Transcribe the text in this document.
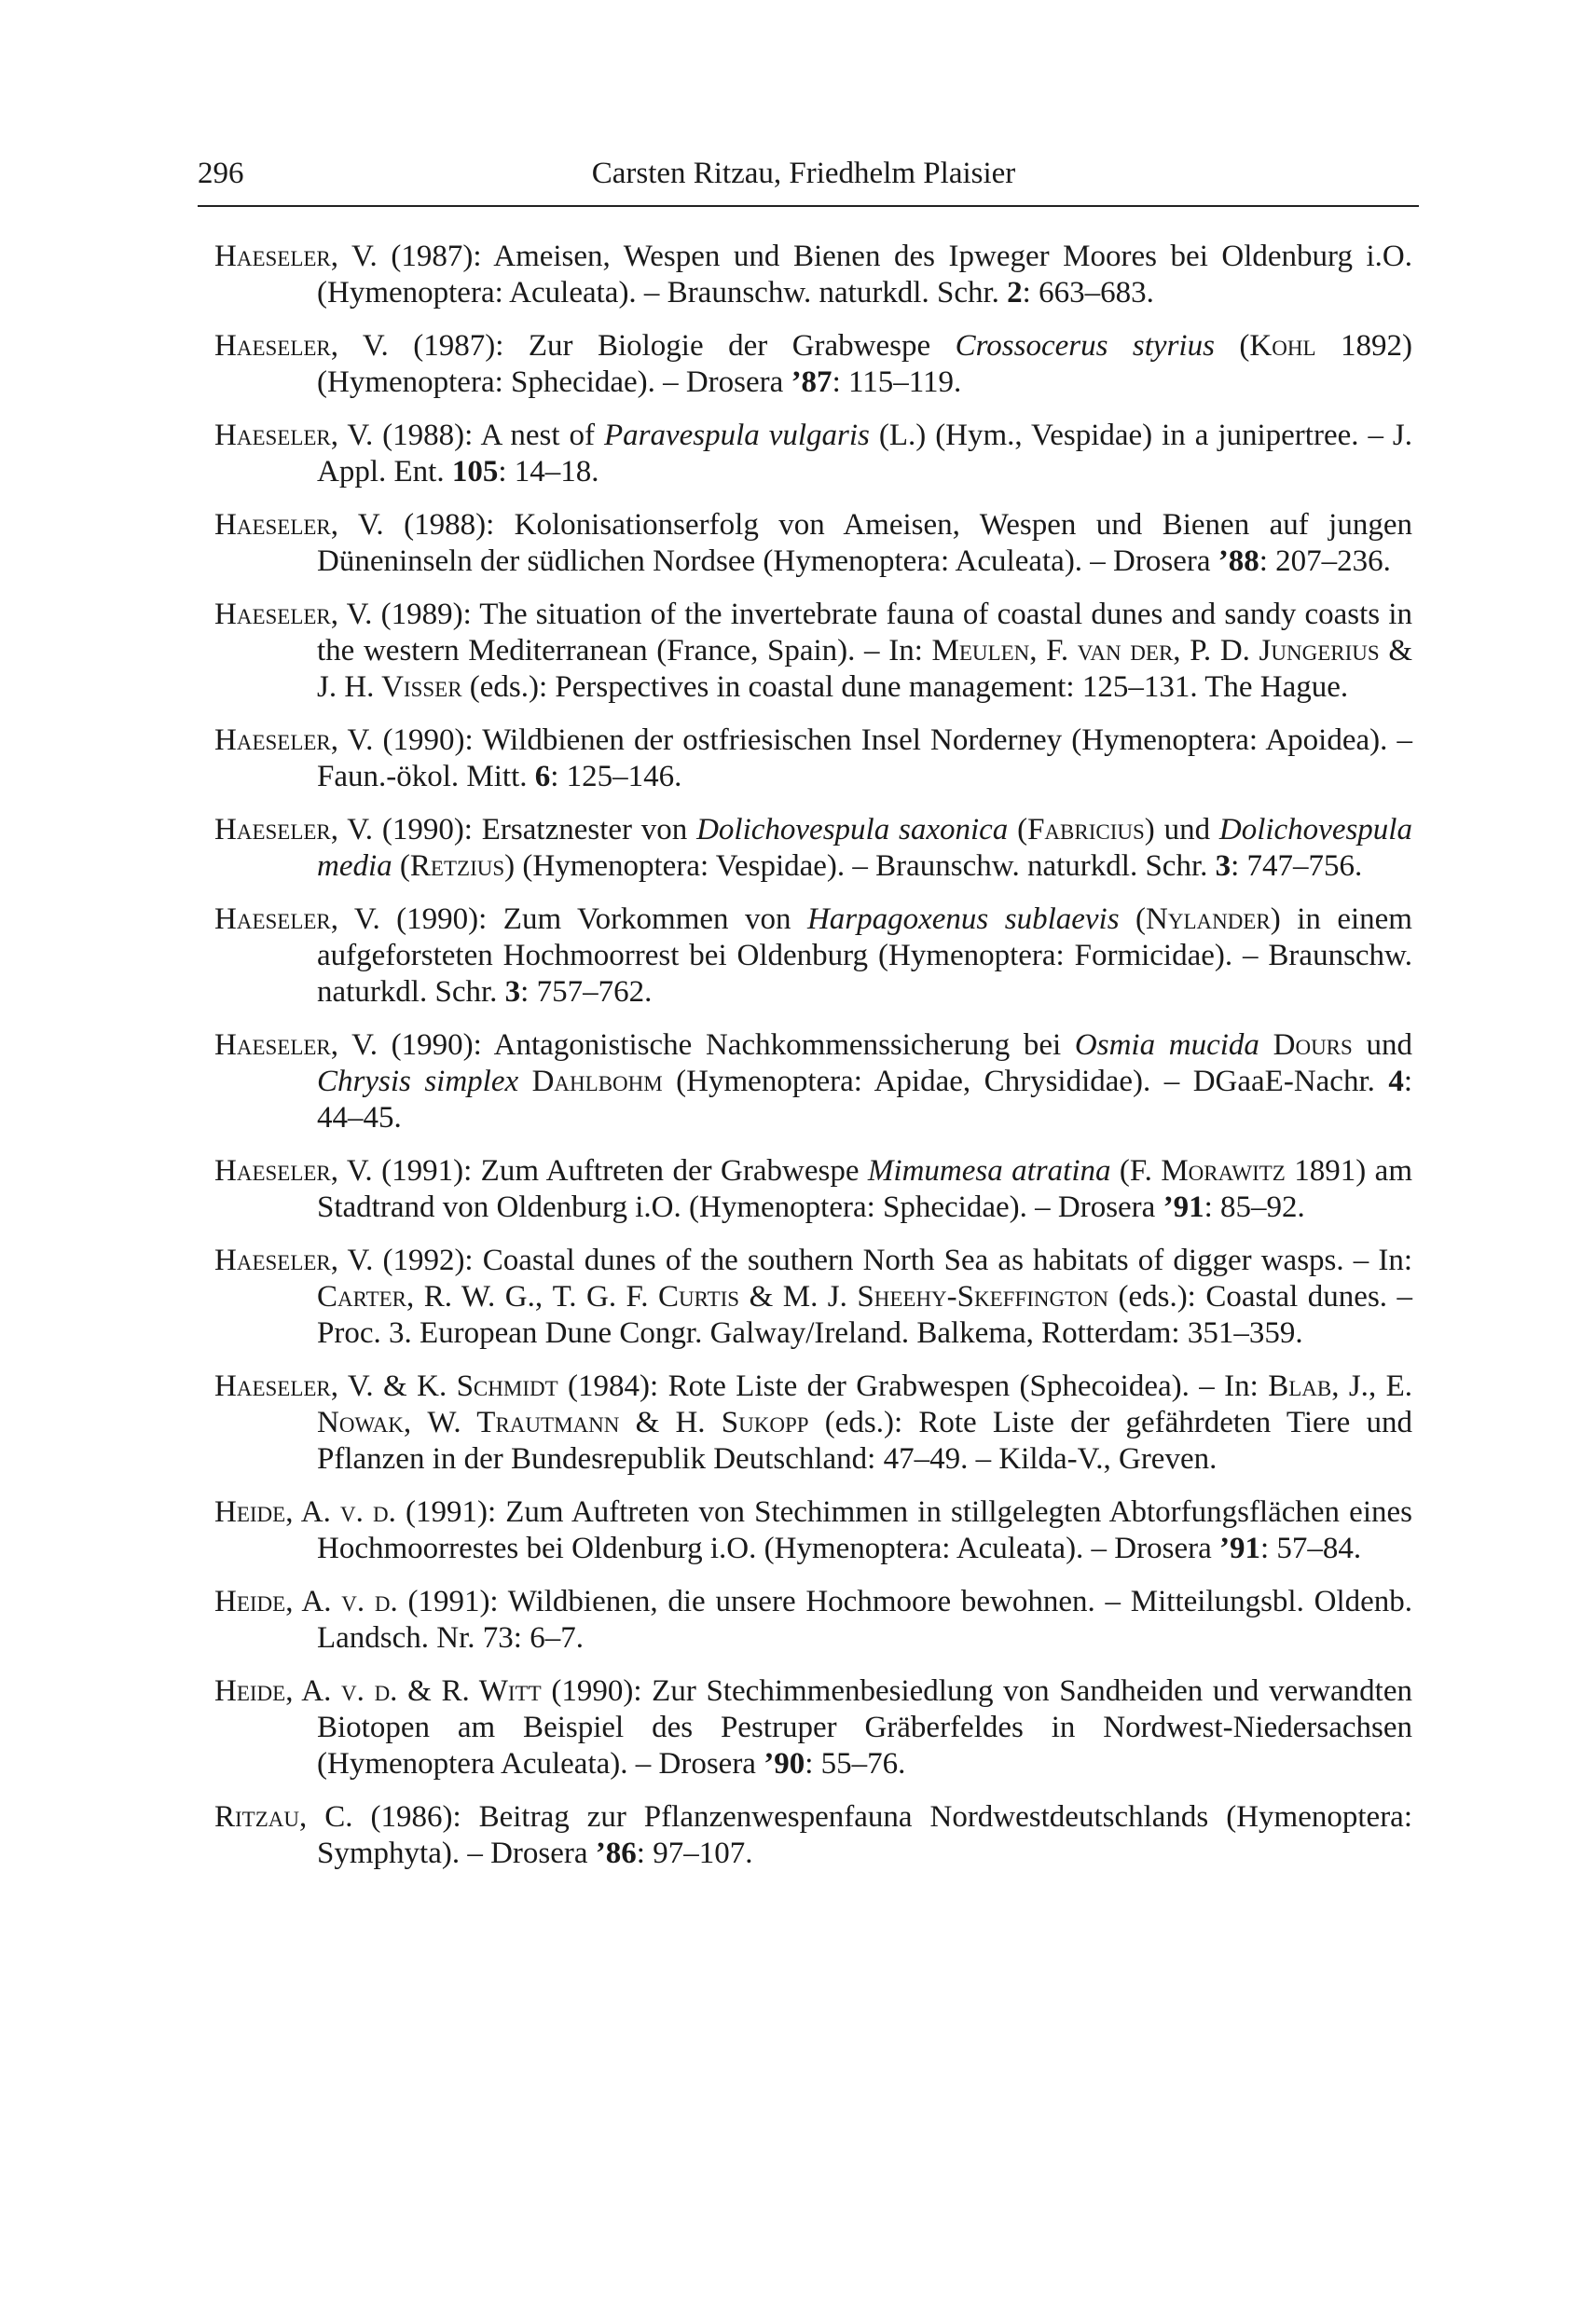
296	Carsten Ritzau, Friedhelm Plaisier
Haeseler, V. (1987): Ameisen, Wespen und Bienen des Ipweger Moores bei Oldenburg i.O. (Hymenoptera: Aculeata). – Braunschw. naturkdl. Schr. 2: 663–683.
Haeseler, V. (1987): Zur Biologie der Grabwespe Crossocerus styrius (Kohl 1892) (Hymenoptera: Sphecidae). – Drosera ’87: 115–119.
Haeseler, V. (1988): A nest of Paravespula vulgaris (L.) (Hym., Vespidae) in a junipertree. – J. Appl. Ent. 105: 14–18.
Haeseler, V. (1988): Kolonisationserfolg von Ameisen, Wespen und Bienen auf jungen Düneninseln der südlichen Nordsee (Hymenoptera: Aculeata). – Drosera ’88: 207–236.
Haeseler, V. (1989): The situation of the invertebrate fauna of coastal dunes and sandy coasts in the western Mediterranean (France, Spain). – In: Meulen, F. van der, P. D. Jungerius & J. H. Visser (eds.): Perspectives in coastal dune management: 125–131. The Hague.
Haeseler, V. (1990): Wildbienen der ostfriesischen Insel Norderney (Hymenoptera: Apoidea). – Faun.-ökol. Mitt. 6: 125–146.
Haeseler, V. (1990): Ersatznester von Dolichovespula saxonica (Fabricius) und Dolichovespula media (Retzius) (Hymenoptera: Vespidae). – Braunschw. naturkdl. Schr. 3: 747–756.
Haeseler, V. (1990): Zum Vorkommen von Harpagoxenus sublaevis (Nylander) in einem aufgeforsteten Hochmoorrest bei Oldenburg (Hymenoptera: Formicidae). – Braunschw. naturkdl. Schr. 3: 757–762.
Haeseler, V. (1990): Antagonistische Nachkommenssicherung bei Osmia mucida Dours und Chrysis simplex Dahlbohm (Hymenoptera: Apidae, Chrysididae). – DGaaE-Nachr. 4: 44–45.
Haeseler, V. (1991): Zum Auftreten der Grabwespe Mimumesa atratina (F. Morawitz 1891) am Stadtrand von Oldenburg i.O. (Hymenoptera: Sphecidae). – Drosera ’91: 85–92.
Haeseler, V. (1992): Coastal dunes of the southern North Sea as habitats of digger wasps. – In: Carter, R. W. G., T. G. F. Curtis & M. J. Sheehy-Skeffington (eds.): Coastal dunes. – Proc. 3. European Dune Congr. Galway/Ireland. Balkema, Rotterdam: 351–359.
Haeseler, V. & K. Schmidt (1984): Rote Liste der Grabwespen (Sphecoidea). – In: Blab, J., E. Nowak, W. Trautmann & H. Sukopp (eds.): Rote Liste der gefährdeten Tiere und Pflanzen in der Bundesrepublik Deutschland: 47–49. – Kilda-V., Greven.
Heide, A. v. d. (1991): Zum Auftreten von Stechimmen in stillgelegten Abtorfungsflächen eines Hochmoorrestes bei Oldenburg i.O. (Hymenoptera: Aculeata). – Drosera ’91: 57–84.
Heide, A. v. d. (1991): Wildbienen, die unsere Hochmoore bewohnen. – Mitteilungsbl. Oldenb. Landsch. Nr. 73: 6–7.
Heide, A. v. d. & R. Witt (1990): Zur Stechimmenbesiedlung von Sandheiden und verwandten Biotopen am Beispiel des Pestruper Gräberfeldes in Nordwest-Niedersachsen (Hymenoptera Aculeata). – Drosera ’90: 55–76.
Ritzau, C. (1986): Beitrag zur Pflanzenwespenfauna Nordwestdeutschlands (Hymenoptera: Symphyta). – Drosera ’86: 97–107.
